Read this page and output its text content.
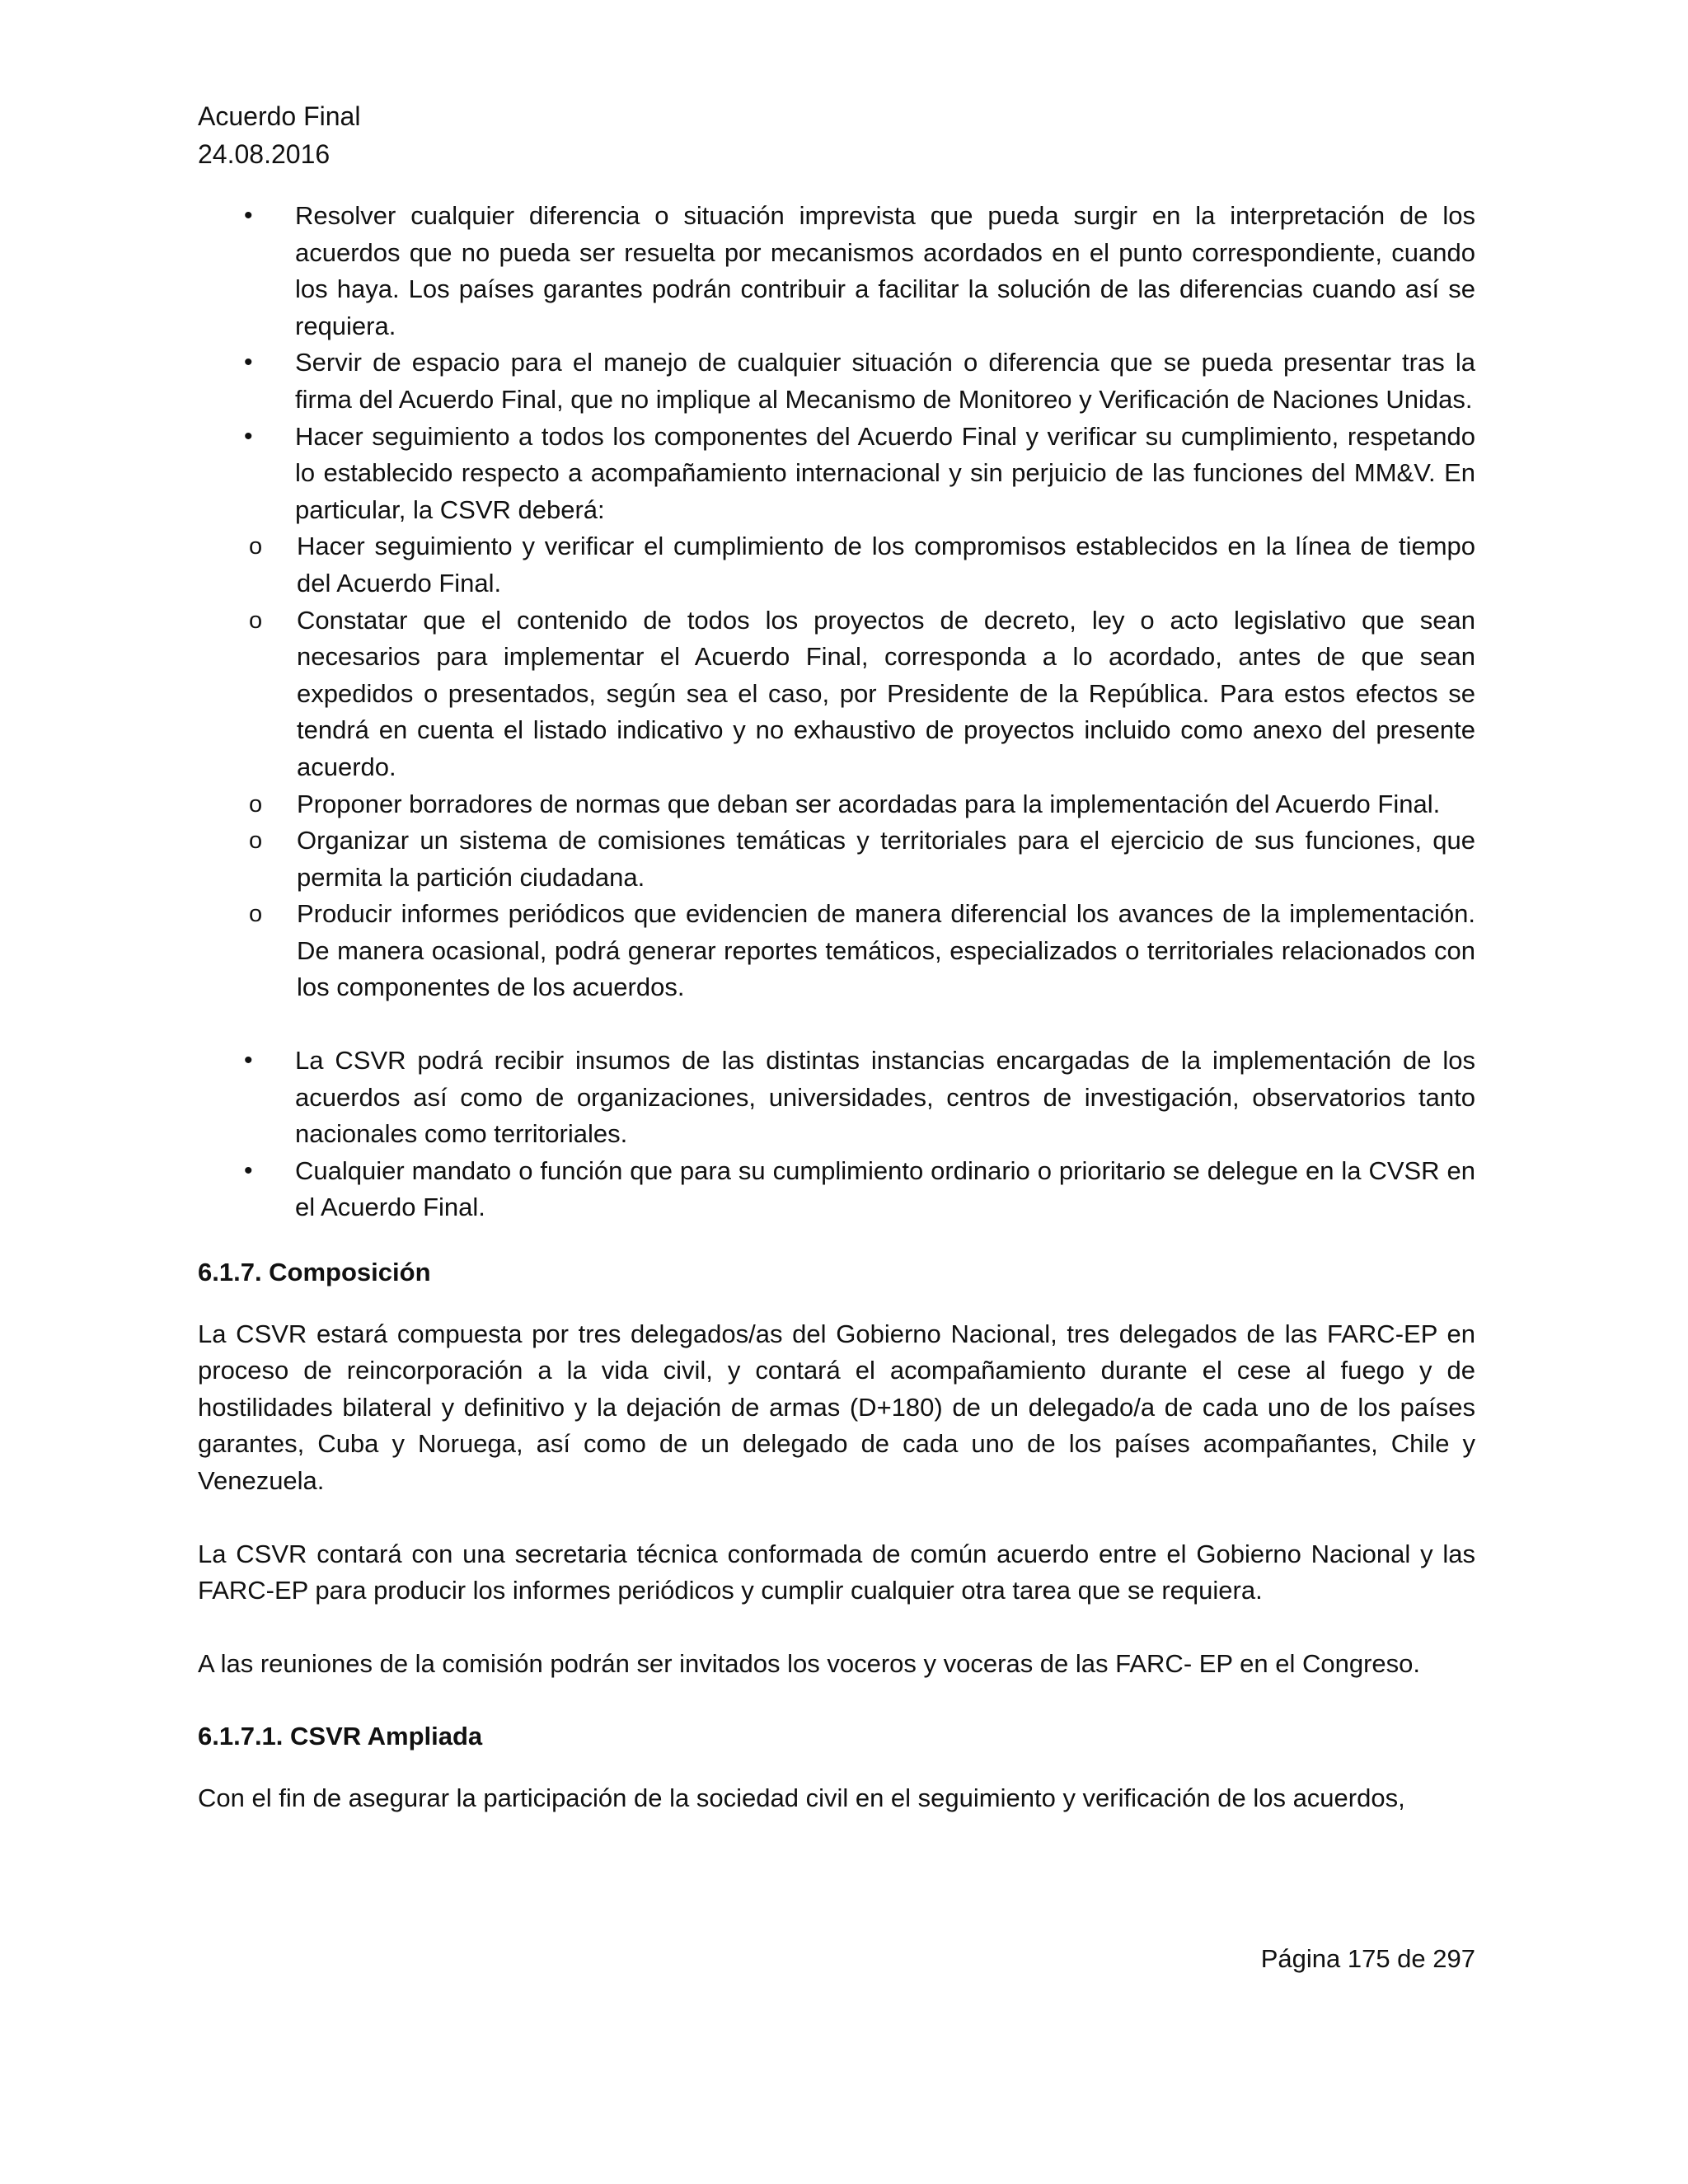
Acuerdo Final
24.08.2016
• Resolver cualquier diferencia o situación imprevista que pueda surgir en la interpretación de los acuerdos que no pueda ser resuelta por mecanismos acordados en el punto correspondiente, cuando los haya. Los países garantes podrán contribuir a facilitar la solución de las diferencias cuando así se requiera.
• Servir de espacio para el manejo de cualquier situación o diferencia que se pueda presentar tras la firma del Acuerdo Final, que no implique al Mecanismo de Monitoreo y Verificación de Naciones Unidas.
• Hacer seguimiento a todos los componentes del Acuerdo Final y verificar su cumplimiento, respetando lo establecido respecto a acompañamiento internacional y sin perjuicio de las funciones del MM&V. En particular, la CSVR deberá:
o Hacer seguimiento y verificar el cumplimiento de los compromisos establecidos en la línea de tiempo del Acuerdo Final.
o Constatar que el contenido de todos los proyectos de decreto, ley o acto legislativo que sean necesarios para implementar el Acuerdo Final, corresponda a lo acordado, antes de que sean expedidos o presentados, según sea el caso, por Presidente de la República. Para estos efectos se tendrá en cuenta el listado indicativo y no exhaustivo de proyectos incluido como anexo del presente acuerdo.
o Proponer borradores de normas que deban ser acordadas para la implementación del Acuerdo Final.
o Organizar un sistema de comisiones temáticas y territoriales para el ejercicio de sus funciones, que permita la partición ciudadana.
o Producir informes periódicos que evidencien de manera diferencial los avances de la implementación. De manera ocasional, podrá generar reportes temáticos, especializados o territoriales relacionados con los componentes de los acuerdos.
• La CSVR podrá recibir insumos de las distintas instancias encargadas de la implementación de los acuerdos así como de organizaciones, universidades, centros de investigación, observatorios tanto nacionales como territoriales.
• Cualquier mandato o función que para su cumplimiento ordinario o prioritario se delegue en la CVSR en el Acuerdo Final.
6.1.7. Composición

La CSVR estará compuesta por tres delegados/as del Gobierno Nacional, tres delegados de las FARC-EP en proceso de reincorporación a la vida civil, y contará el acompañamiento durante el cese al fuego y de hostilidades bilateral y definitivo y la dejación de armas (D+180) de un delegado/a de cada uno de los países garantes, Cuba y Noruega, así como de un delegado de cada uno de los países acompañantes, Chile y Venezuela.

La CSVR contará con una secretaria técnica conformada de común acuerdo entre el Gobierno Nacional y las FARC-EP para producir los informes periódicos y cumplir cualquier otra tarea que se requiera.

A las reuniones de la comisión podrán ser invitados los voceros y voceras de las FARC- EP en el Congreso.

6.1.7.1. CSVR Ampliada

Con el fin de asegurar la participación de la sociedad civil en el seguimiento y verificación de los acuerdos,

Página 175 de 297
